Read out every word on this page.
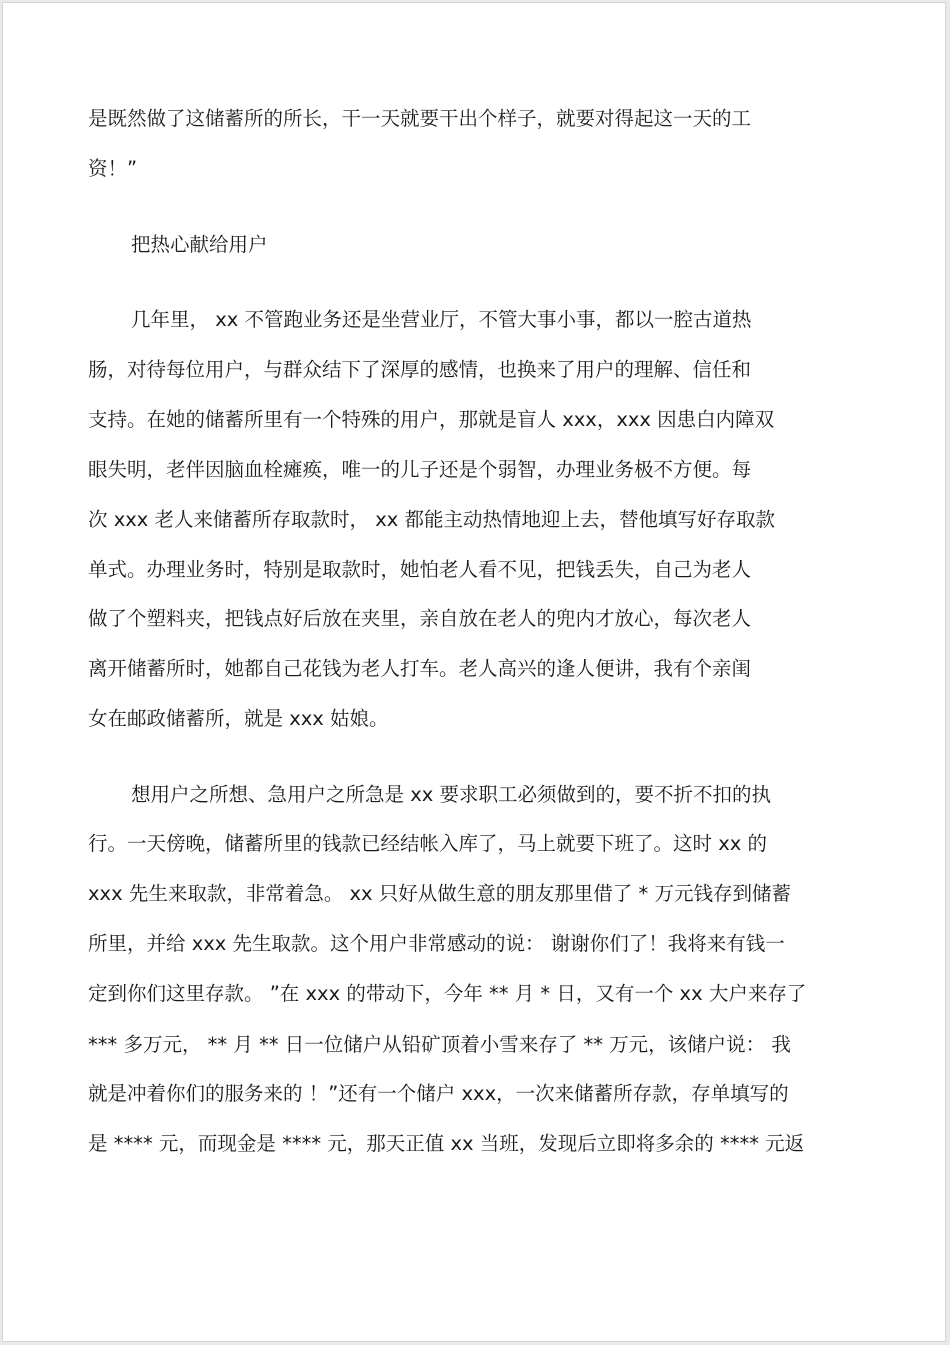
是既然做了这储蓄所的所长，干一天就要干出个样子，就要对得起这一天的工
资！”
把热心献给用户
几年里， xx 不管跑业务还是坐营业厅，不管大事小事，都以一腔古道热
肠，对待每位用户，与群众结下了深厚的感情，也换来了用户的理解、信任和
支持。在她的储蓄所里有一个特殊的用户，那就是盲人 xxx，xxx 因患白内障双
眼失明，老伴因脑血栓瘫痪，唯一的儿子还是个弱智，办理业务极不方便。每
次 xxx 老人来储蓄所存取款时， xx 都能主动热情地迎上去，替他填写好存取款
单式。办理业务时，特别是取款时，她怕老人看不见，把钱丢失，自己为老人
做了个塑料夹，把钱点好后放在夹里，亲自放在老人的兜内才放心，每次老人
离开储蓄所时，她都自己花钱为老人打车。老人高兴的逢人便讲，我有个亲闺
女在邮政储蓄所，就是 xxx 姑娘。
想用户之所想、急用户之所急是 xx 要求职工必须做到的，要不折不扣的执
行。一天傍晚，储蓄所里的钱款已经结帐入库了，马上就要下班了。这时 xx 的
xxx 先生来取款，非常着急。 xx 只好从做生意的朋友那里借了 * 万元钱存到储蓄
所里，并给 xxx 先生取款。这个用户非常感动的说： 谢谢你们了！我将来有钱一
定到你们这里存款。 ”在 xxx 的带动下，今年 ** 月 * 日，又有一个 xx 大户来存了
*** 多万元， ** 月 ** 日一位储户从铅矿顶着小雪来存了 ** 万元，该储户说： 我
就是冲着你们的服务来的 ！”还有一个储户 xxx，一次来储蓄所存款，存单填写的
是 **** 元，而现金是 **** 元，那天正值 xx 当班，发现后立即将多余的 **** 元返
